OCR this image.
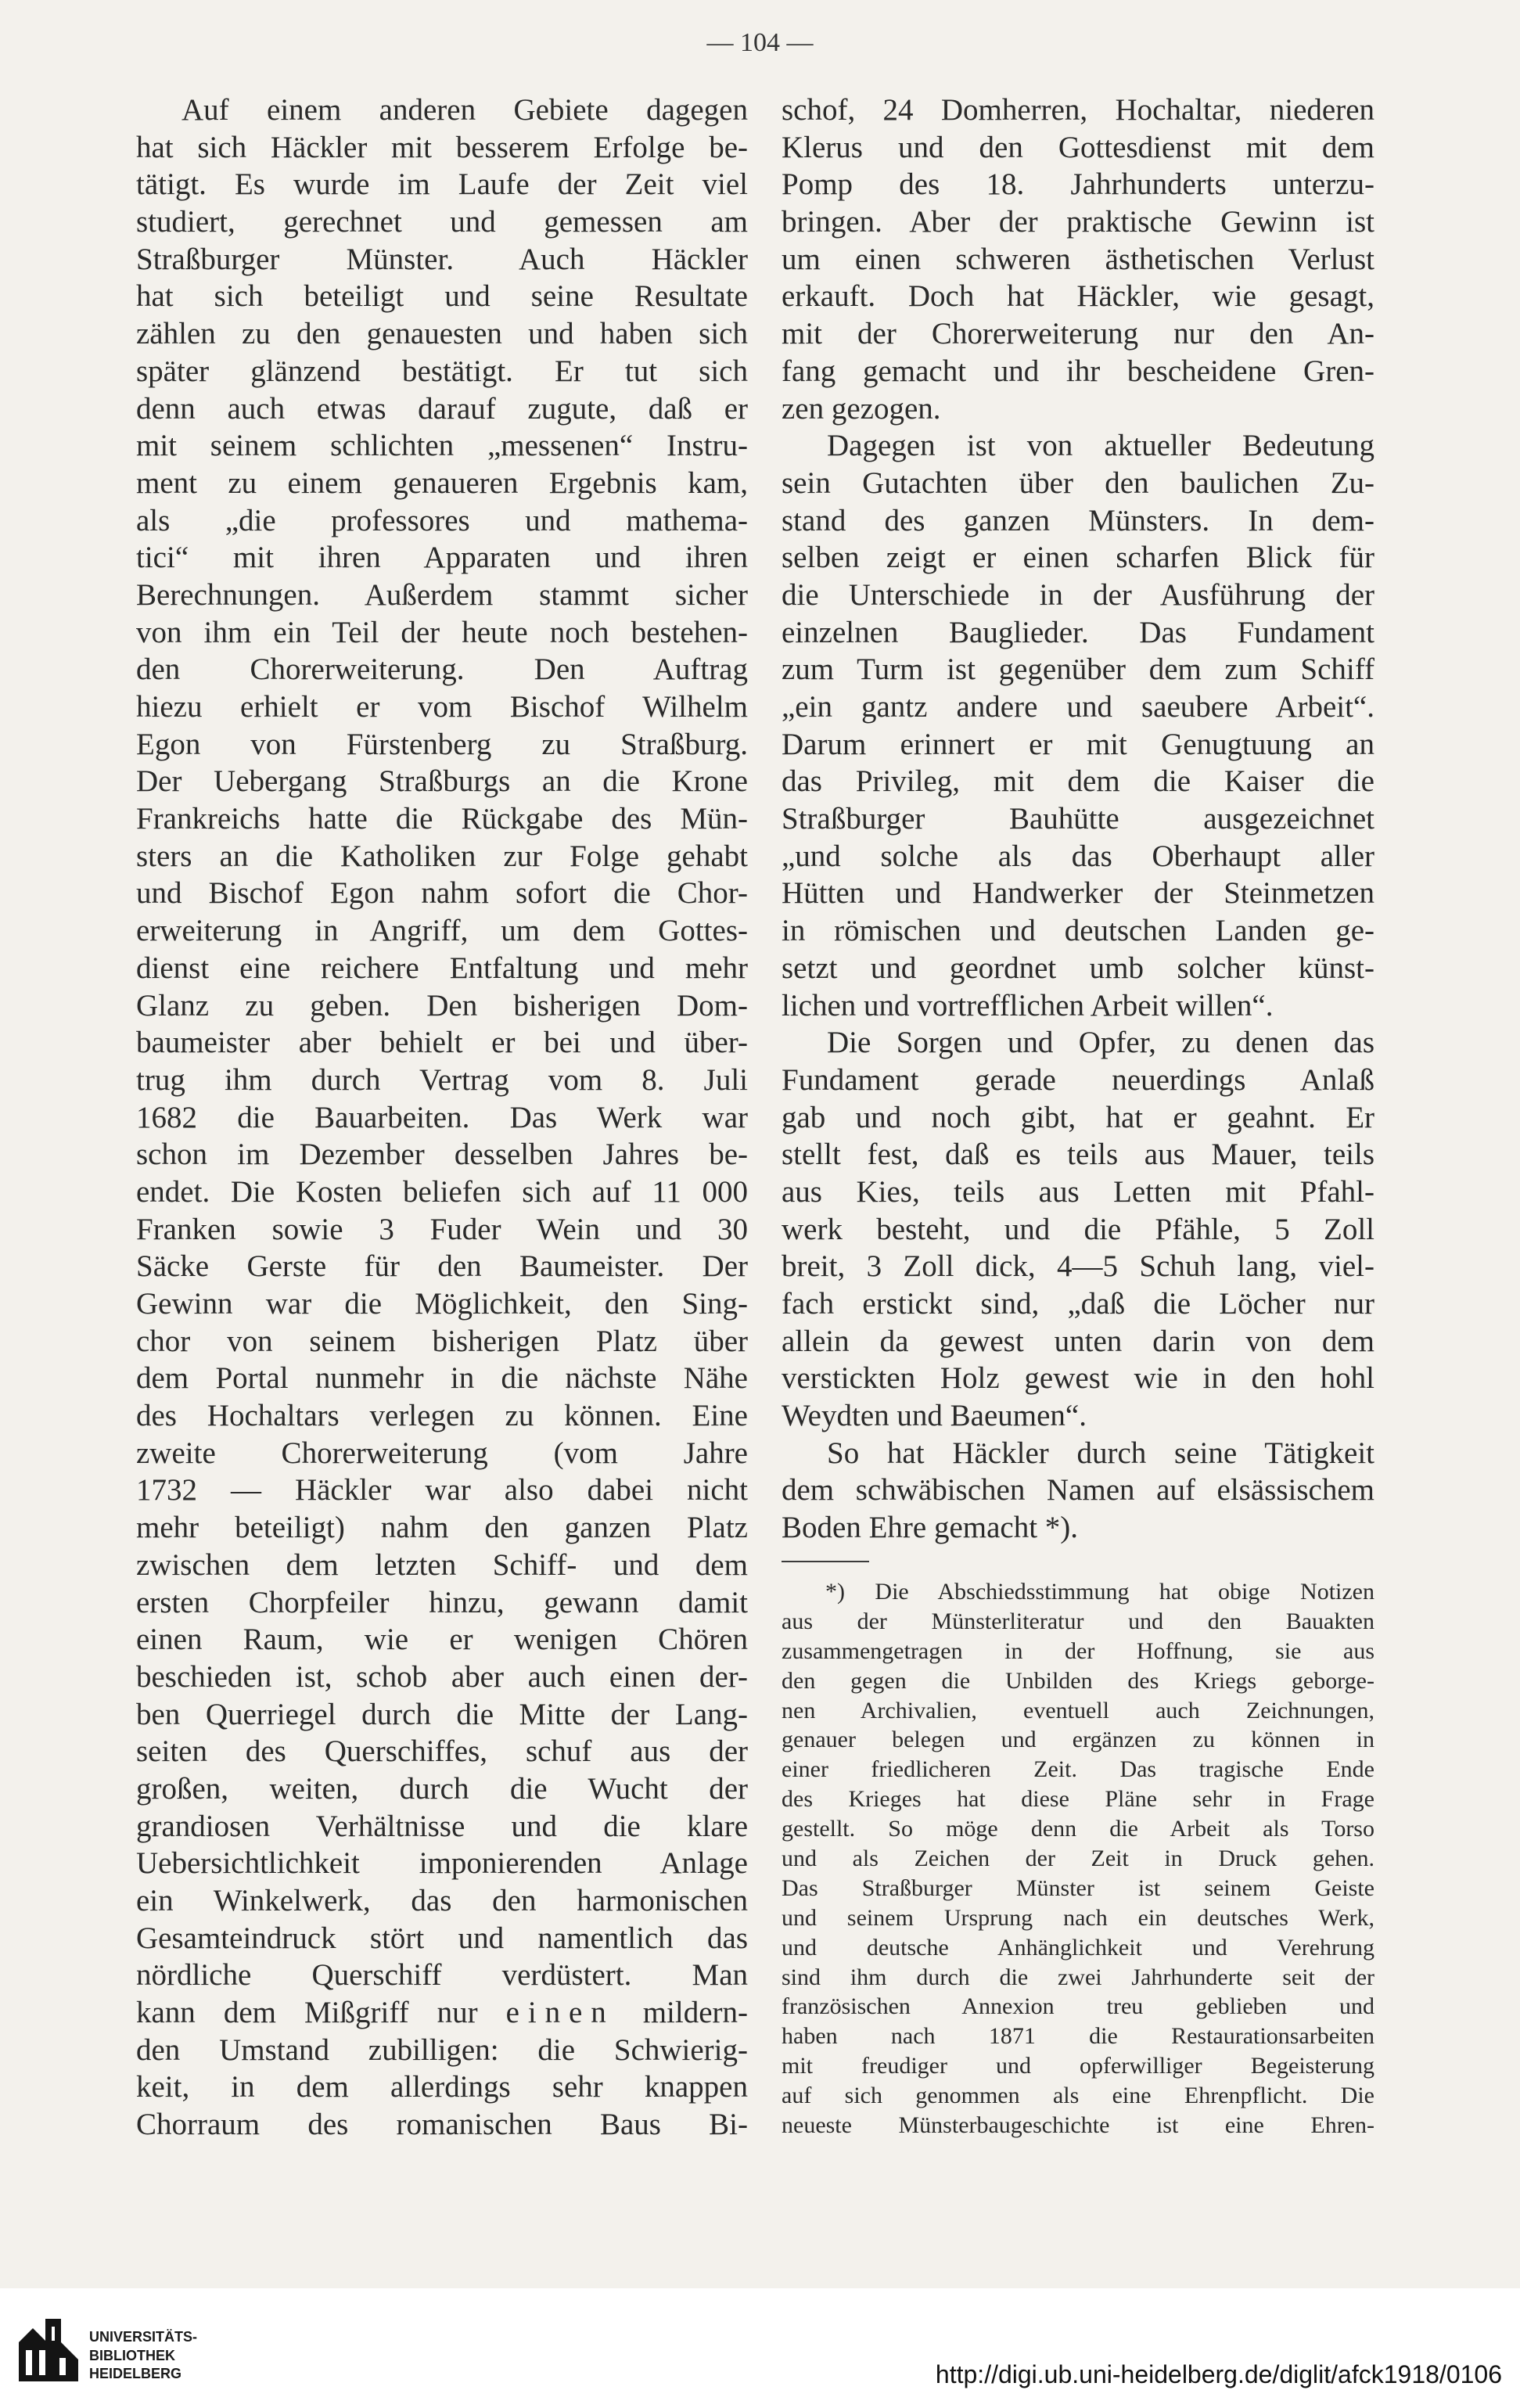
— 104 —
Auf einem anderen Gebiete dagegen
hat sich Häckler mit besserem Erfolge be-
tätigt. Es wurde im Laufe der Zeit viel
studiert, gerechnet und gemessen am
Straßburger Münster. Auch Häckler
hat sich beteiligt und seine Resultate
zählen zu den genauesten und haben sich
später glänzend bestätigt. Er tut sich
denn auch etwas darauf zugute, daß er
mit seinem schlichten „messenen“ Instru-
ment zu einem genaueren Ergebnis kam,
als „die professores und mathema-
tici“ mit ihren Apparaten und ihren
Berechnungen. Außerdem stammt sicher
von ihm ein Teil der heute noch bestehen-
den Chorerweiterung. Den Auftrag
hiezu erhielt er vom Bischof Wilhelm
Egon von Fürstenberg zu Straßburg.
Der Uebergang Straßburgs an die Krone
Frankreichs hatte die Rückgabe des Mün-
sters an die Katholiken zur Folge gehabt
und Bischof Egon nahm sofort die Chor-
erweiterung in Angriff, um dem Gottes-
dienst eine reichere Entfaltung und mehr
Glanz zu geben. Den bisherigen Dom-
baumeister aber behielt er bei und über-
trug ihm durch Vertrag vom 8. Juli
1682 die Bauarbeiten. Das Werk war
schon im Dezember desselben Jahres be-
endet. Die Kosten beliefen sich auf 11 000
Franken sowie 3 Fuder Wein und 30
Säcke Gerste für den Baumeister. Der
Gewinn war die Möglichkeit, den Sing-
chor von seinem bisherigen Platz über
dem Portal nunmehr in die nächste Nähe
des Hochaltars verlegen zu können. Eine
zweite Chorerweiterung (vom Jahre
1732 — Häckler war also dabei nicht
mehr beteiligt) nahm den ganzen Platz
zwischen dem letzten Schiff- und dem
ersten Chorpfeiler hinzu, gewann damit
einen Raum, wie er wenigen Chören
beschieden ist, schob aber auch einen der-
ben Querriegel durch die Mitte der Lang-
seiten des Querschiffes, schuf aus der
großen, weiten, durch die Wucht der
grandiosen Verhältnisse und die klare
Uebersichtlichkeit imponierenden Anlage
ein Winkelwerk, das den harmonischen
Gesamteindruck stört und namentlich das
nördliche Querschiff verdüstert. Man
kann dem Mißgriff nur einen mildern-
den Umstand zubilligen: die Schwierig-
keit, in dem allerdings sehr knappen
Chorraum des romanischen Baus Bi-
schof, 24 Domherren, Hochaltar, niederen
Klerus und den Gottesdienst mit dem
Pomp des 18. Jahrhunderts unterzu-
bringen. Aber der praktische Gewinn ist
um einen schweren ästhetischen Verlust
erkauft. Doch hat Häckler, wie gesagt,
mit der Chorerweiterung nur den An-
fang gemacht und ihr bescheidene Gren-
zen gezogen.
Dagegen ist von aktueller Bedeutung
sein Gutachten über den baulichen Zu-
stand des ganzen Münsters. In dem-
selben zeigt er einen scharfen Blick für
die Unterschiede in der Ausführung der
einzelnen Bauglieder. Das Fundament
zum Turm ist gegenüber dem zum Schiff
„ein gantz andere und saeubere Arbeit“.
Darum erinnert er mit Genugtuung an
das Privileg, mit dem die Kaiser die
Straßburger Bauhütte ausgezeichnet
„und solche als das Oberhaupt aller
Hütten und Handwerker der Steinmetzen
in römischen und deutschen Landen ge-
setzt und geordnet umb solcher künst-
lichen und vortrefflichen Arbeit willen“.
Die Sorgen und Opfer, zu denen das
Fundament gerade neuerdings Anlaß
gab und noch gibt, hat er geahnt. Er
stellt fest, daß es teils aus Mauer, teils
aus Kies, teils aus Letten mit Pfahl-
werk besteht, und die Pfähle, 5 Zoll
breit, 3 Zoll dick, 4—5 Schuh lang, viel-
fach erstickt sind, „daß die Löcher nur
allein da gewest unten darin von dem
verstickten Holz gewest wie in den hohl
Weydten und Baeumen“.
So hat Häckler durch seine Tätigkeit
dem schwäbischen Namen auf elsässischem
Boden Ehre gemacht *).
*) Die Abschiedsstimmung hat obige Notizen
aus der Münsterliteratur und den Bauakten
zusammengetragen in der Hoffnung, sie aus
den gegen die Unbilden des Kriegs geborge-
nen Archivalien, eventuell auch Zeichnungen,
genauer belegen und ergänzen zu können in
einer friedlicheren Zeit. Das tragische Ende
des Krieges hat diese Pläne sehr in Frage
gestellt. So möge denn die Arbeit als Torso
und als Zeichen der Zeit in Druck gehen.
Das Straßburger Münster ist seinem Geiste
und seinem Ursprung nach ein deutsches Werk,
und deutsche Anhänglichkeit und Verehrung
sind ihm durch die zwei Jahrhunderte seit der
französischen Annexion treu geblieben und
haben nach 1871 die Restaurationsarbeiten
mit freudiger und opferwilliger Begeisterung
auf sich genommen als eine Ehrenpflicht. Die
neueste Münsterbaugeschichte ist eine Ehren-
UNIVERSITÄTS-
BIBLIOTHEK
HEIDELBERG	http://digi.ub.uni-heidelberg.de/diglit/afck1918/0106
